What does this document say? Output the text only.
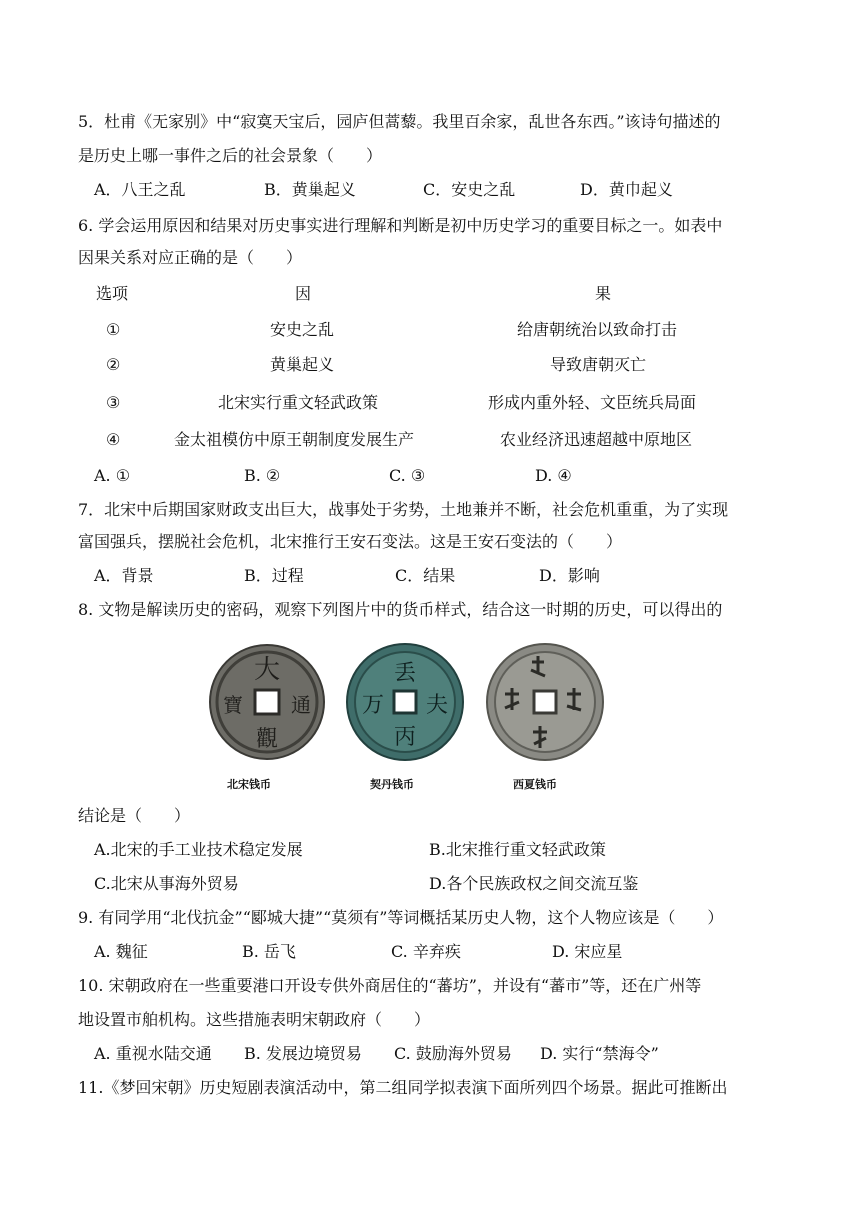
5．杜甫《无家别》中“寂寞天宝后，园庐但蒿藜。我里百余家，乱世各东西。”该诗句描述的
是历史上哪一事件之后的社会景象（　　）
A．八王之乱	B．黄巢起义	C．安史之乱	D．黄巾起义
6. 学会运用原因和结果对历史事实进行理解和判断是初中历史学习的重要目标之一。如表中
因果关系对应正确的是（　　）
选项	因	果
①	安史之乱	给唐朝统治以致命打击
②	黄巢起义	导致唐朝灭亡
③	北宋实行重文轻武政策	形成内重外轻、文臣统兵局面
④	金太祖模仿中原王朝制度发展生产	农业经济迅速超越中原地区
A. ①	B. ②	C. ③	D. ④
7．北宋中后期国家财政支出巨大，战事处于劣势，土地兼并不断，社会危机重重，为了实现
富国强兵，摆脱社会危机，北宋推行王安石变法。这是王安石变法的（　　）
A．背景	B．过程	C．结果	D．影响
8. 文物是解读历史的密码，观察下列图片中的货币样式，结合这一时期的历史，可以得出的
大
通
觀
寶
丢
夫
丙
万
北宋钱币	契丹钱币	西夏钱币
结论是（　　）
A.北宋的手工业技术稳定发展	B.北宋推行重文轻武政策
C.北宋从事海外贸易	D.各个民族政权之间交流互鉴
9. 有同学用“北伐抗金”“郾城大捷”“莫须有”等词概括某历史人物，这个人物应该是（　　）
A. 魏征	B. 岳飞	C. 辛弃疾	D. 宋应星
10. 宋朝政府在一些重要港口开设专供外商居住的“蕃坊”，并设有“蕃市”等，还在广州等
地设置市舶机构。这些措施表明宋朝政府（　　）
A. 重视水陆交通 B. 发展边境贸易 C. 鼓励海外贸易 D. 实行“禁海令”
11.《梦回宋朝》历史短剧表演活动中，第二组同学拟表演下面所列四个场景。据此可推断出
